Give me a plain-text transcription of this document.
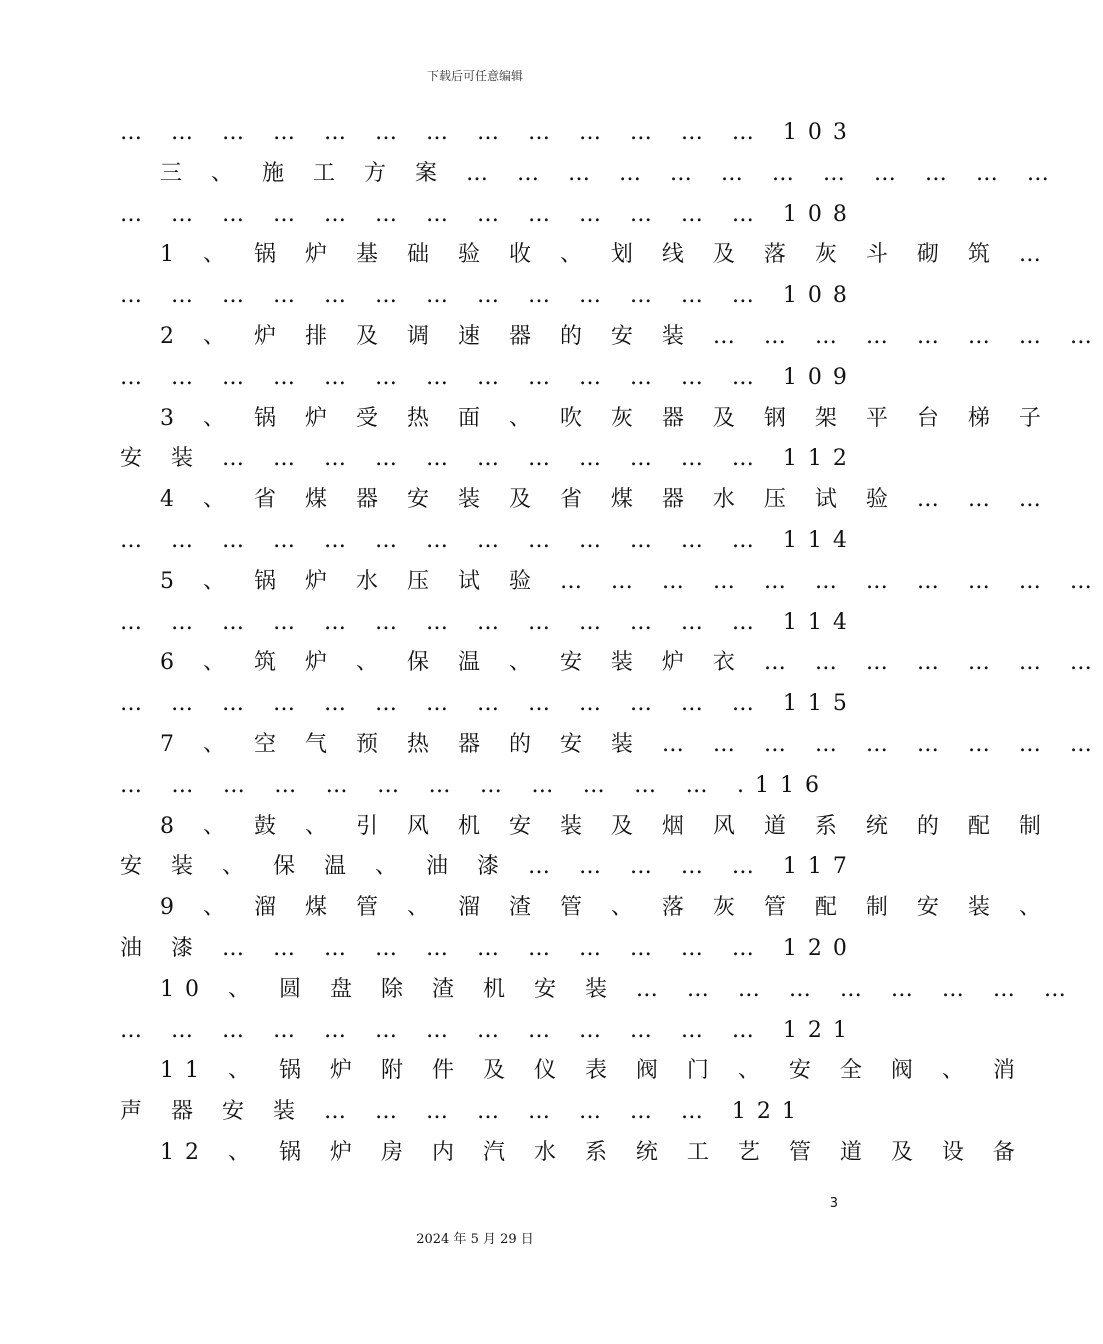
下载后可任意编辑
… … … … … … … … … … … … … 103
三 、 施 工 方 案 … … … … … … … … … … … …
… … … … … … … … … … … … … 108
1 、 锅 炉 基 础 验 收 、 划 线 及 落 灰 斗 砌 筑 …
… … … … … … … … … … … … … 108
2 、 炉 排 及 调 速 器 的 安 装 … … … … … … … …
… … … … … … … … … … … … … 109
3 、 锅 炉 受 热 面 、 吹 灰 器 及 钢 架 平 台 梯 子
安 装 … … … … … … … … … … … 112
4 、 省 煤 器 安 装 及 省 煤 器 水 压 试 验 … … …
… … … … … … … … … … … … … 114
5 、 锅 炉 水 压 试 验 … … … … … … … … … … …
… … … … … … … … … … … … … 114
6 、 筑 炉 、 保 温 、 安 装 炉 衣 … … … … … … …
… … … … … … … … … … … … … 115
7 、 空 气 预 热 器 的 安 装 … … … … … … … … …
… … … … … … … … … … … … .116
8 、 鼓 、 引 风 机 安 装 及 烟 风 道 系 统 的 配 制
安 装 、 保 温 、 油 漆 … … … … … 117
9 、 溜 煤 管 、 溜 渣 管 、 落 灰 管 配 制 安 装 、
油 漆 … … … … … … … … … … … 120
10 、 圆 盘 除 渣 机 安 装 … … … … … … … … …
… … … … … … … … … … … … … 121
11 、 锅 炉 附 件 及 仪 表 阀 门 、 安 全 阀 、 消
声 器 安 装 … … … … … … … … 121
12 、 锅 炉 房 内 汽 水 系 统 工 艺 管 道 及 设 备
3
2024 年 5 月 29 日
